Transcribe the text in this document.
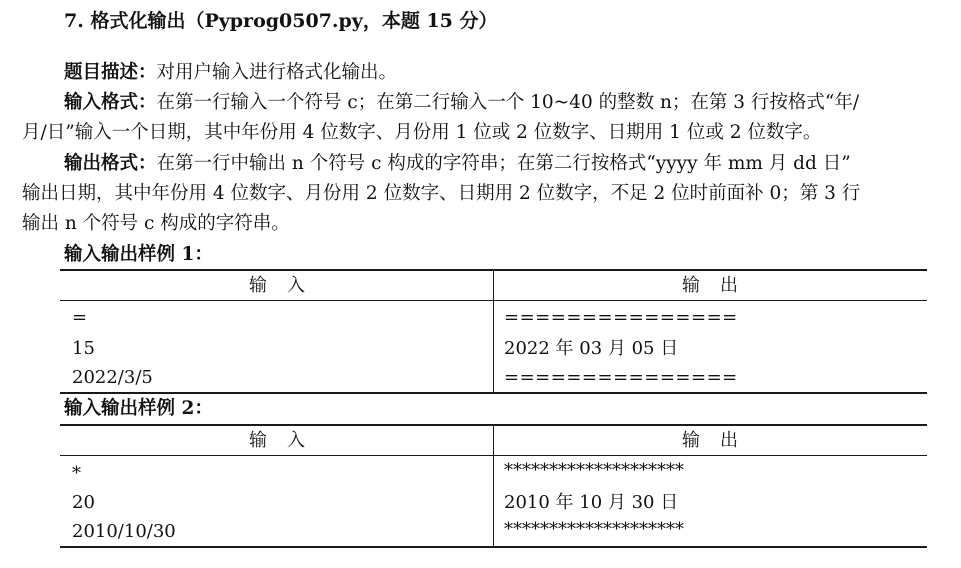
7. 格式化输出（Pyprog0507.py，本题 15 分）
题目描述：对用户输入进行格式化输出。
输入格式：在第一行输入一个符号 c；在第二行输入一个 10~40 的整数 n；在第 3 行按格式“年/
月/日”输入一个日期，其中年份用 4 位数字、月份用 1 位或 2 位数字、日期用 1 位或 2 位数字。
输出格式：在第一行中输出 n 个符号 c 构成的字符串；在第二行按格式“yyyy 年 mm 月 dd 日”
输出日期，其中年份用 4 位数字、月份用 2 位数字、日期用 2 位数字，不足 2 位时前面补 0；第 3 行
输出 n 个符号 c 构成的字符串。
输入输出样例 1：
输入	输出
=
15
2022/3/5
===============
2022 年 03 月 05 日
===============
输入输出样例 2：
输入	输出
*
20
2010/10/30
********************
2010 年 10 月 30 日
********************
